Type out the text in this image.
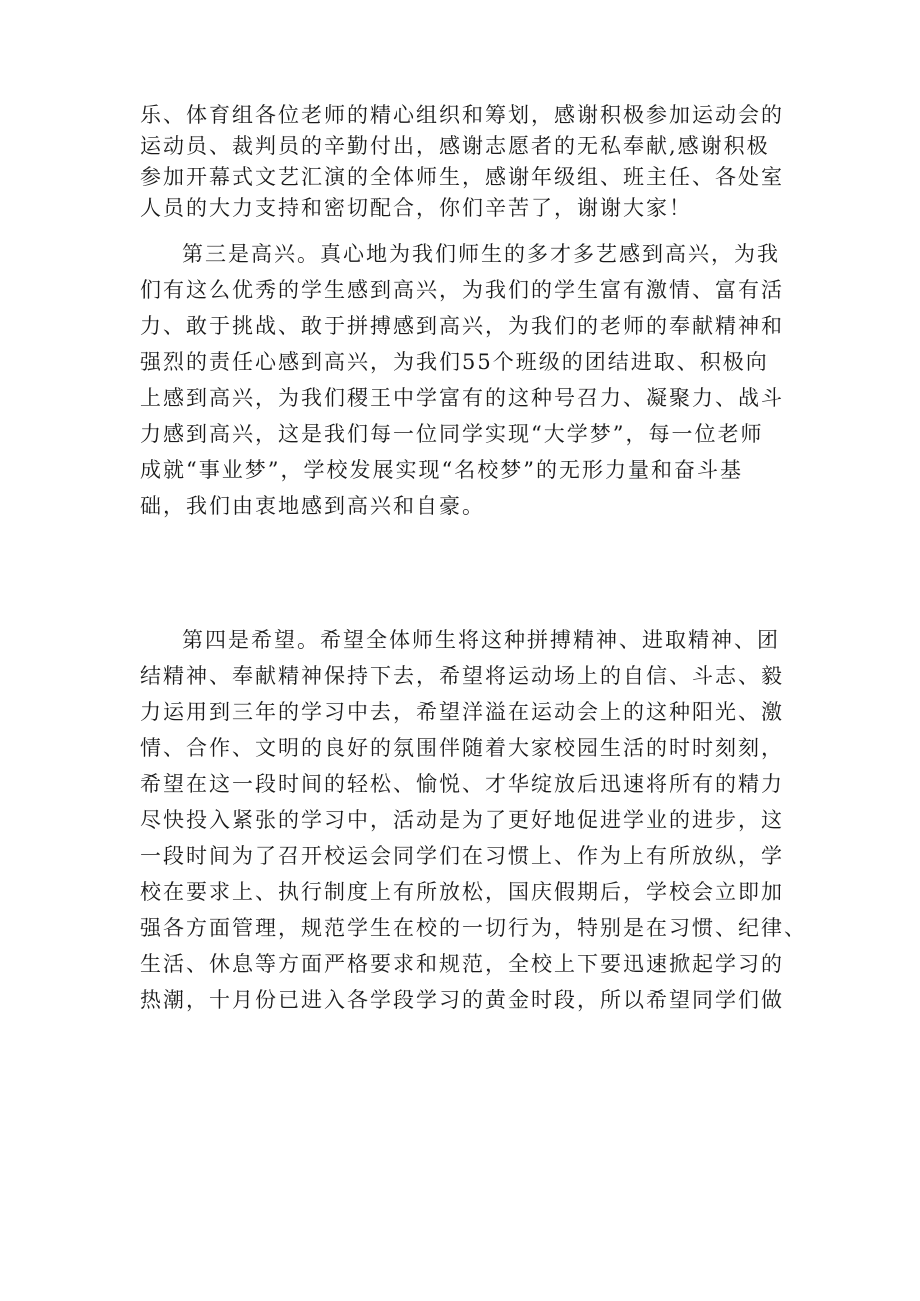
乐、体育组各位老师的精心组织和筹划，感谢积极参加运动会的
运动员、裁判员的辛勤付出，感谢志愿者的无私奉献,感谢积极
参加开幕式文艺汇演的全体师生，感谢年级组、班主任、各处室
人员的大力支持和密切配合，你们辛苦了，谢谢大家！
第三是高兴。真心地为我们师生的多才多艺感到高兴，为我
们有这么优秀的学生感到高兴，为我们的学生富有激情、富有活
力、敢于挑战、敢于拼搏感到高兴，为我们的老师的奉献精神和
强烈的责任心感到高兴，为我们55个班级的团结进取、积极向
上感到高兴，为我们稷王中学富有的这种号召力、凝聚力、战斗
力感到高兴，这是我们每一位同学实现“大学梦”，每一位老师
成就“事业梦”，学校发展实现“名校梦”的无形力量和奋斗基
础，我们由衷地感到高兴和自豪。
第四是希望。希望全体师生将这种拼搏精神、进取精神、团
结精神、奉献精神保持下去，希望将运动场上的自信、斗志、毅
力运用到三年的学习中去，希望洋溢在运动会上的这种阳光、激
情、合作、文明的良好的氛围伴随着大家校园生活的时时刻刻，
希望在这一段时间的轻松、愉悦、才华绽放后迅速将所有的精力
尽快投入紧张的学习中，活动是为了更好地促进学业的进步，这
一段时间为了召开校运会同学们在习惯上、作为上有所放纵，学
校在要求上、执行制度上有所放松，国庆假期后，学校会立即加
强各方面管理，规范学生在校的一切行为，特别是在习惯、纪律、
生活、休息等方面严格要求和规范，全校上下要迅速掀起学习的
热潮，十月份已进入各学段学习的黄金时段，所以希望同学们做
